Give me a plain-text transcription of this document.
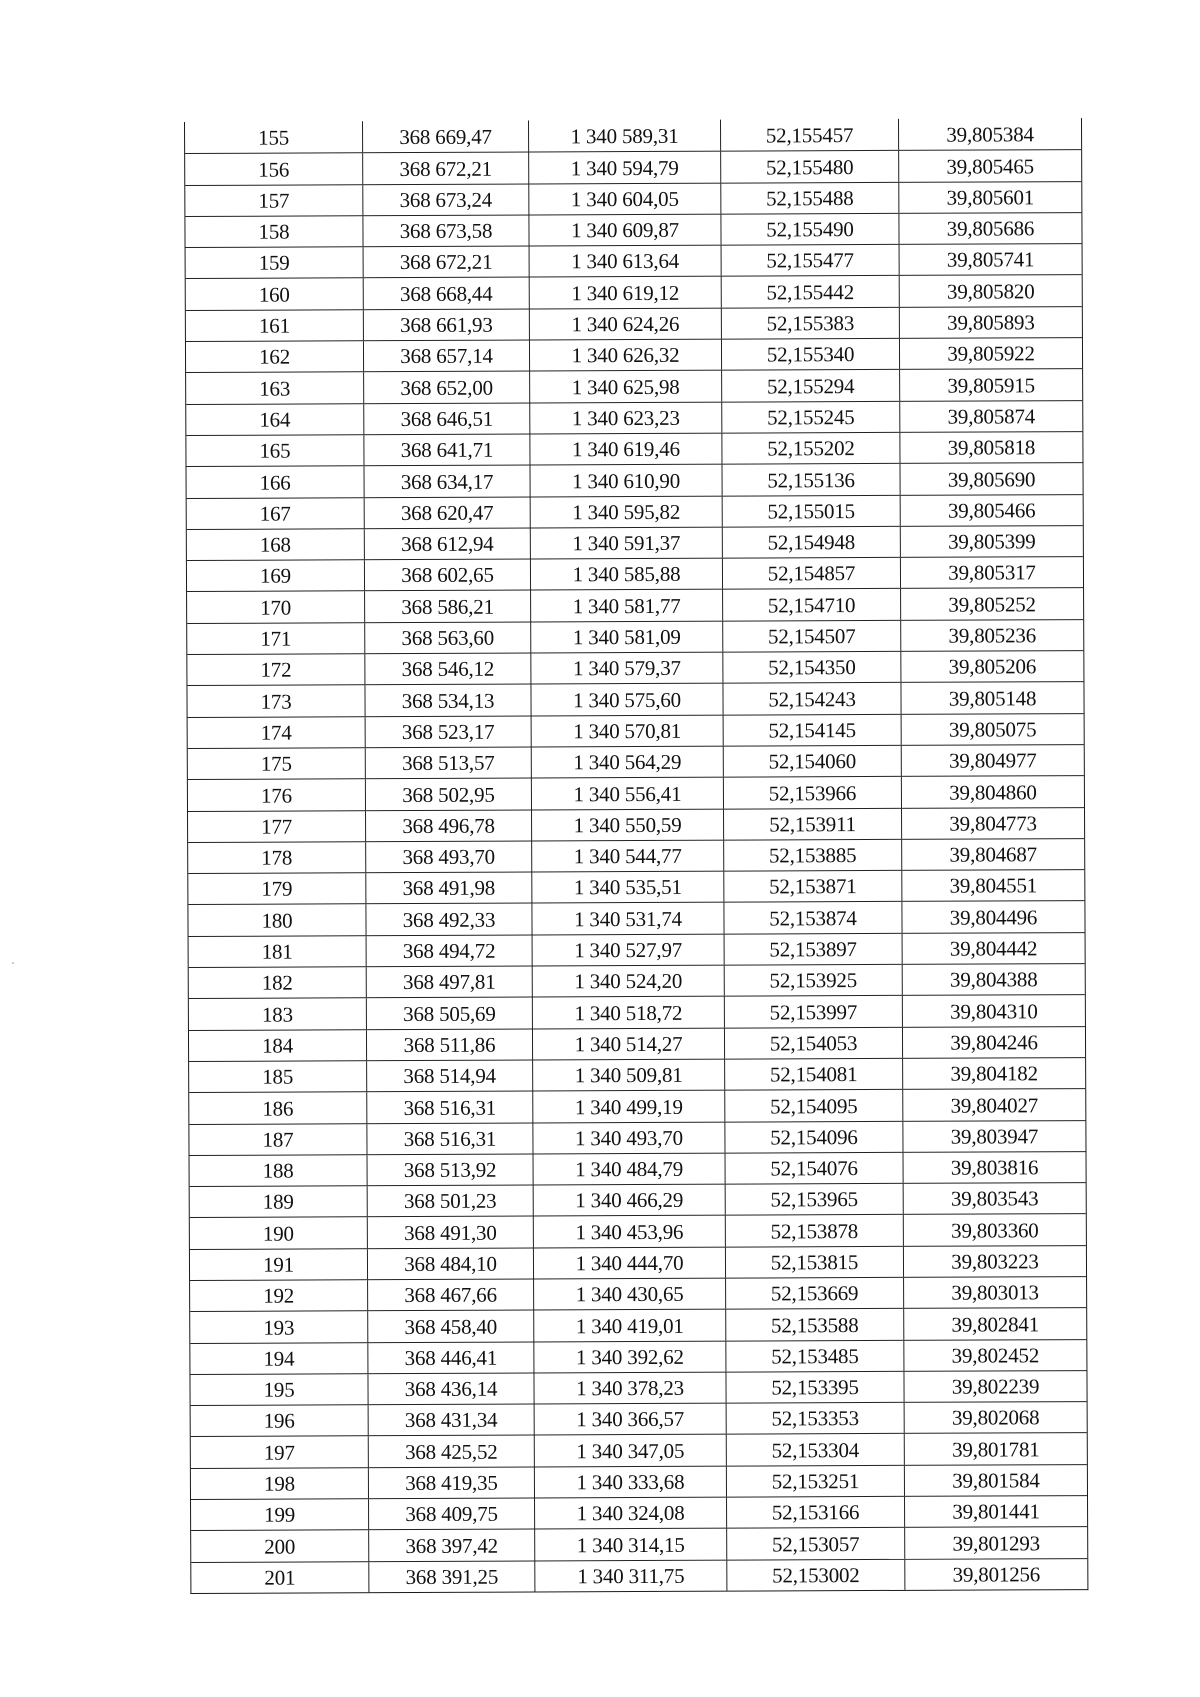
155	368 669,47	1 340 589,31	52,155457	39,805384
156	368 672,21	1 340 594,79	52,155480	39,805465
157	368 673,24	1 340 604,05	52,155488	39,805601
158	368 673,58	1 340 609,87	52,155490	39,805686
159	368 672,21	1 340 613,64	52,155477	39,805741
160	368 668,44	1 340 619,12	52,155442	39,805820
161	368 661,93	1 340 624,26	52,155383	39,805893
162	368 657,14	1 340 626,32	52,155340	39,805922
163	368 652,00	1 340 625,98	52,155294	39,805915
164	368 646,51	1 340 623,23	52,155245	39,805874
165	368 641,71	1 340 619,46	52,155202	39,805818
166	368 634,17	1 340 610,90	52,155136	39,805690
167	368 620,47	1 340 595,82	52,155015	39,805466
168	368 612,94	1 340 591,37	52,154948	39,805399
169	368 602,65	1 340 585,88	52,154857	39,805317
170	368 586,21	1 340 581,77	52,154710	39,805252
171	368 563,60	1 340 581,09	52,154507	39,805236
172	368 546,12	1 340 579,37	52,154350	39,805206
173	368 534,13	1 340 575,60	52,154243	39,805148
174	368 523,17	1 340 570,81	52,154145	39,805075
175	368 513,57	1 340 564,29	52,154060	39,804977
176	368 502,95	1 340 556,41	52,153966	39,804860
177	368 496,78	1 340 550,59	52,153911	39,804773
178	368 493,70	1 340 544,77	52,153885	39,804687
179	368 491,98	1 340 535,51	52,153871	39,804551
180	368 492,33	1 340 531,74	52,153874	39,804496
181	368 494,72	1 340 527,97	52,153897	39,804442
182	368 497,81	1 340 524,20	52,153925	39,804388
183	368 505,69	1 340 518,72	52,153997	39,804310
184	368 511,86	1 340 514,27	52,154053	39,804246
185	368 514,94	1 340 509,81	52,154081	39,804182
186	368 516,31	1 340 499,19	52,154095	39,804027
187	368 516,31	1 340 493,70	52,154096	39,803947
188	368 513,92	1 340 484,79	52,154076	39,803816
189	368 501,23	1 340 466,29	52,153965	39,803543
190	368 491,30	1 340 453,96	52,153878	39,803360
191	368 484,10	1 340 444,70	52,153815	39,803223
192	368 467,66	1 340 430,65	52,153669	39,803013
193	368 458,40	1 340 419,01	52,153588	39,802841
194	368 446,41	1 340 392,62	52,153485	39,802452
195	368 436,14	1 340 378,23	52,153395	39,802239
196	368 431,34	1 340 366,57	52,153353	39,802068
197	368 425,52	1 340 347,05	52,153304	39,801781
198	368 419,35	1 340 333,68	52,153251	39,801584
199	368 409,75	1 340 324,08	52,153166	39,801441
200	368 397,42	1 340 314,15	52,153057	39,801293
201	368 391,25	1 340 311,75	52,153002	39,801256
